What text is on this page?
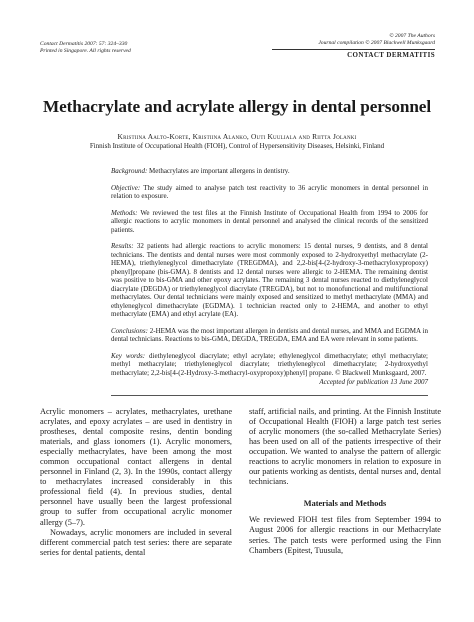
Contact Dermatitis 2007: 57: 324–330
Printed in Singapore. All rights reserved
© 2007 The Authors
Journal compilation © 2007 Blackwell Munksgaard
CONTACT DERMATITIS
Methacrylate and acrylate allergy in dental personnel
Kristiina Aalto-Korte, Kristiina Alanko, Outi Kuuliala and Riitta Jolanki
Finnish Institute of Occupational Health (FIOH), Control of Hypersensitivity Diseases, Helsinki, Finland

Background: Methacrylates are important allergens in dentistry.

Objective: The study aimed to analyse patch test reactivity to 36 acrylic monomers in dental personnel in relation to exposure.

Methods: We reviewed the test files at the Finnish Institute of Occupational Health from 1994 to 2006 for allergic reactions to acrylic monomers in dental personnel and analysed the clinical records of the sensitized patients.

Results: 32 patients had allergic reactions to acrylic monomers: 15 dental nurses, 9 dentists, and 8 dental technicians. The dentists and dental nurses were most commonly exposed to 2-hydroxyethyl methacrylate (2-HEMA), triethyleneglycol dimethacrylate (TREGDMA), and 2,2-bis[4-(2-hydroxy-3-methacryloxypropoxy) phenyl]propane (bis-GMA). 8 dentists and 12 dental nurses were allergic to 2-HEMA. The remaining dentist was positive to bis-GMA and other epoxy acrylates. The remaining 3 dental nurses reacted to diethyleneglycol diacrylate (DEGDA) or triethyleneglycol diacrylate (TREGDA), but not to monofunctional and multifunctional methacrylates. Our dental technicians were mainly exposed and sensitized to methyl methacrylate (MMA) and ethyleneglycol dimethacrylate (EGDMA). 1 technician reacted only to 2-HEMA, and another to ethyl methacrylate (EMA) and ethyl acrylate (EA).

Conclusions: 2-HEMA was the most important allergen in dentists and dental nurses, and MMA and EGDMA in dental technicians. Reactions to bis-GMA, DEGDA, TREGDA, EMA and EA were relevant in some patients.

Key words: diethyleneglycol diacrylate; ethyl acrylate; ethyleneglycol dimethacrylate; ethyl methacrylate; methyl methacrylate; triethyleneglycol diacrylate; triethyleneglycol dimethacrylate; 2-hydroxyethyl methacrylate; 2,2-bis[4-(2-Hydroxy-3-methacryl-oxypropoxy)phenyl] propane. © Blackwell Munksgaard, 2007.

Accepted for publication 13 June 2007

Acrylic monomers – acrylates, methacrylates, urethane acrylates, and epoxy acrylates – are used in dentistry in prostheses, dental composite resins, dentin bonding materials, and glass ionomers (1). Acrylic monomers, especially methacrylates, have been among the most common occupational contact allergens in dental personnel in Finland (2, 3). In the 1990s, contact allergy to methacrylates increased considerably in this professional field (4). In previous studies, dental personnel have usually been the largest professional group to suffer from occupational acrylic monomer allergy (5–7).

Nowadays, acrylic monomers are included in several different commercial patch test series: there are separate series for dental patients, dental

staff, artificial nails, and printing. At the Finnish Institute of Occupational Health (FIOH) a large patch test series of acrylic monomers (the so-called Methacrylate Series) has been used on all of the patients irrespective of their occupation. We wanted to analyse the pattern of allergic reactions to acrylic monomers in relation to exposure in our patients working as dentists, dental nurses and, dental technicians.

Materials and Methods

We reviewed FIOH test files from September 1994 to August 2006 for allergic reactions in our Methacrylate series. The patch tests were performed using the Finn Chambers (Epitest, Tuusula,
